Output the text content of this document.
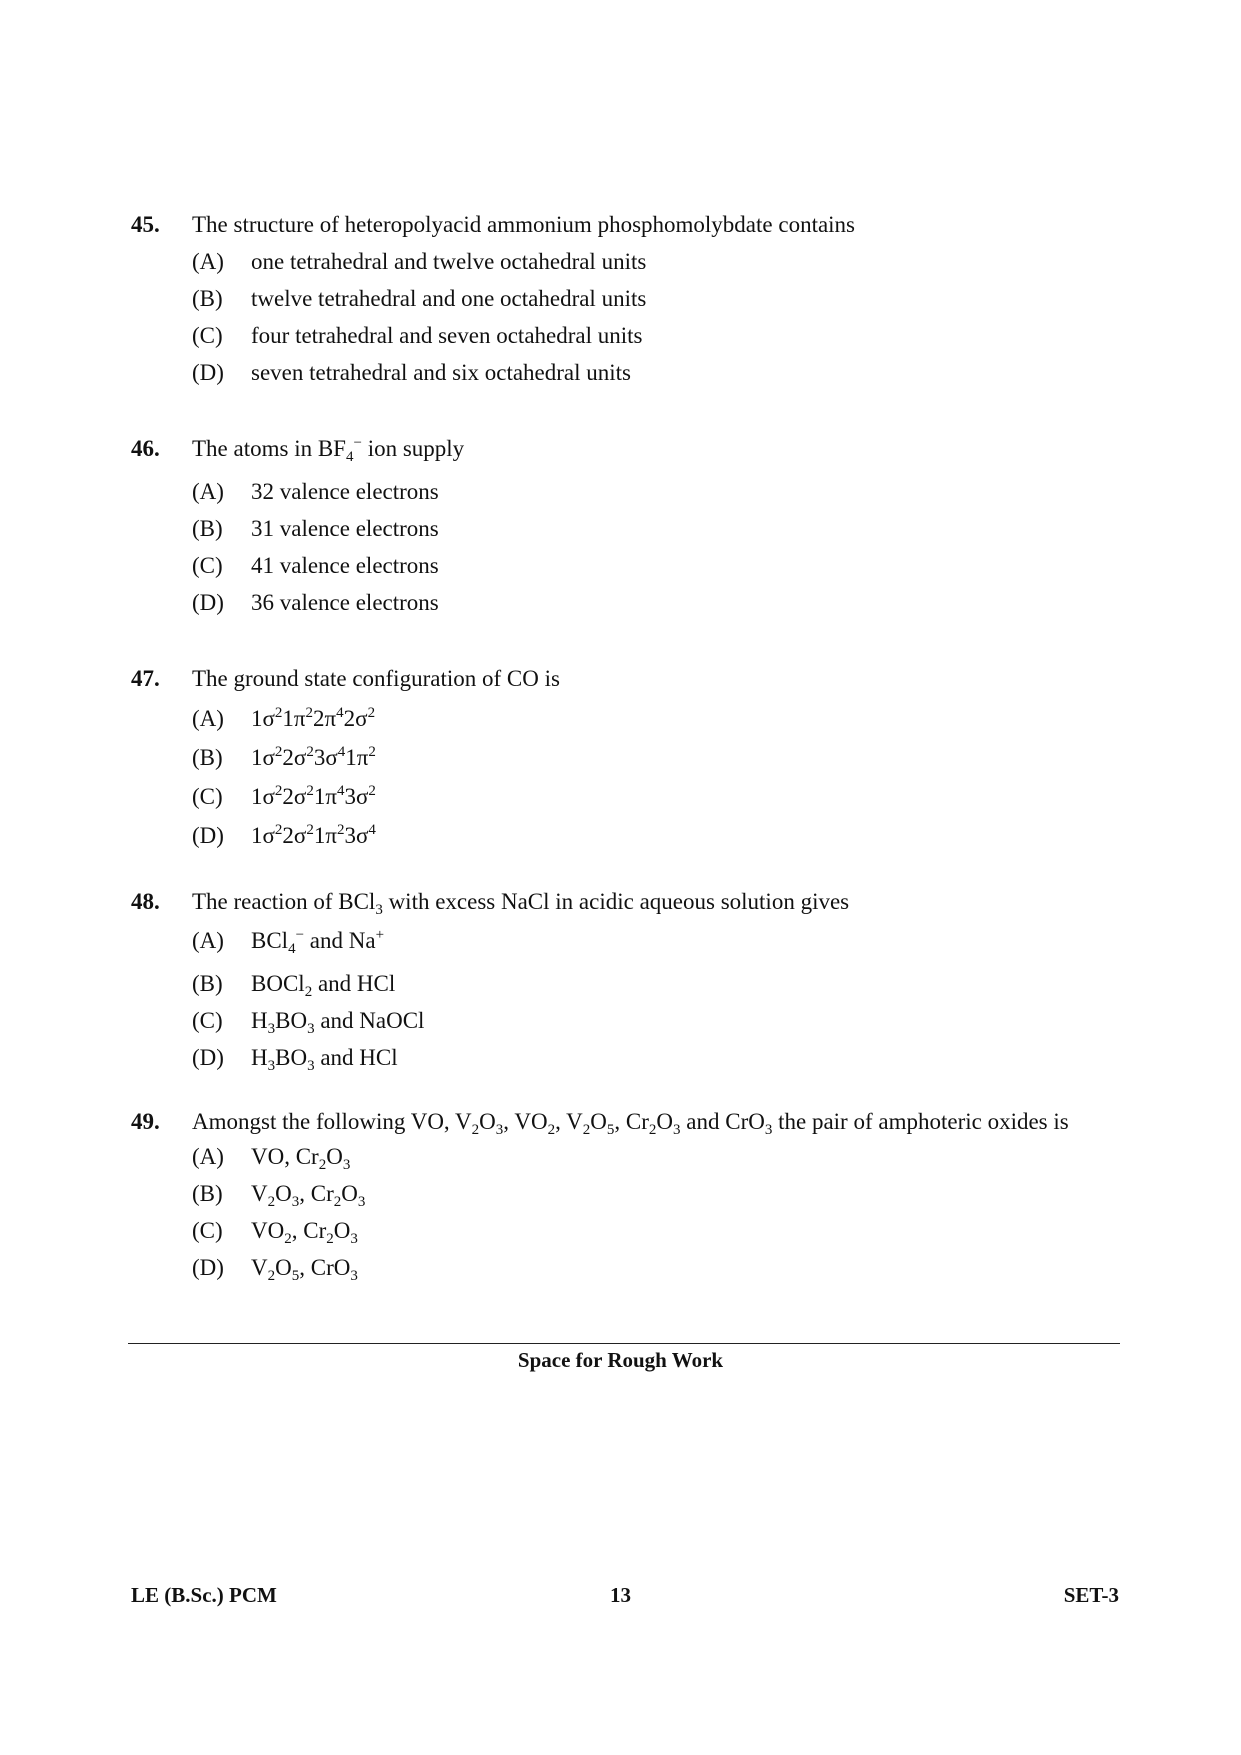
45.	The structure of heteropolyacid ammonium phosphomolybdate contains
(A)	one tetrahedral and twelve octahedral units
(B)	twelve tetrahedral and one octahedral units
(C)	four tetrahedral and seven octahedral units
(D)	seven tetrahedral and six octahedral units
46.	The atoms in $BF_4^-$ ion supply
(A)	32 valence electrons
(B)	31 valence electrons
(C)	41 valence electrons
(D)	36 valence electrons
47.	The ground state configuration of CO is
(A)	$1\sigma^21\pi^22\pi^42\sigma^2$
(B)	$1\sigma^22\sigma^23\sigma^41\pi^2$
(C)	$1\sigma^22\sigma^21\pi^43\sigma^2$
(D)	$1\sigma^22\sigma^21\pi^23\sigma^4$
48.	The reaction of BCl$_3$ with excess NaCl in acidic aqueous solution gives
(A)	BCl$_4$− and Na+
(B)	BOCl$_2$ and HCl
(C)	$H_3BO_3$ and NaOCl
(D)	$H_3BO_3$ and HCl
49.	Amongst the following VO, $V_2O_3$, $VO_2$, $V_2O_5$, $Cr_2O_3$ and CrO$_3$ the pair of amphoteric oxides is
(A)	VO, $Cr_2O_3$
(B)	$V_2O_3$, $Cr_2O_3$
(C)	$VO_2$, $Cr_2O_3$
(D)	$V_2O_5$, CrO$_3$
Space for Rough Work
LE (B.Sc.) PCM	13	SET-3
